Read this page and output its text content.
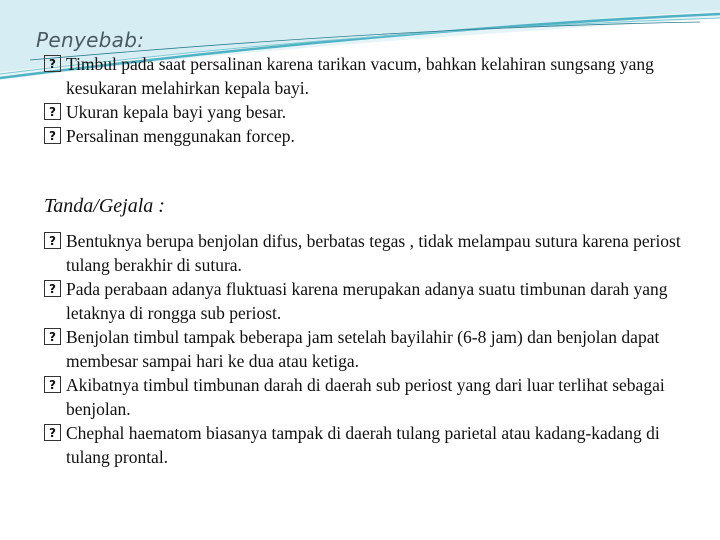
Penyebab:
? Timbul pada saat persalinan karena tarikan vacum, bahkan kelahiran sungsang yang kesukaran melahirkan kepala bayi.
? Ukuran kepala bayi yang besar.
? Persalinan menggunakan forcep.
Tanda/Gejala :
? Bentuknya berupa benjolan difus, berbatas tegas , tidak melampau sutura karena periost tulang berakhir di sutura.
? Pada perabaan adanya fluktuasi karena merupakan adanya suatu timbunan darah yang letaknya di rongga sub periost.
? Benjolan timbul tampak beberapa jam setelah bayilahir (6-8 jam) dan benjolan dapat membesar sampai hari ke dua atau ketiga.
? Akibatnya timbul timbunan darah di daerah sub periost yang dari luar terlihat sebagai benjolan.
? Chephal haematom biasanya tampak di daerah tulang parietal atau kadang-kadang di tulang prontal.
